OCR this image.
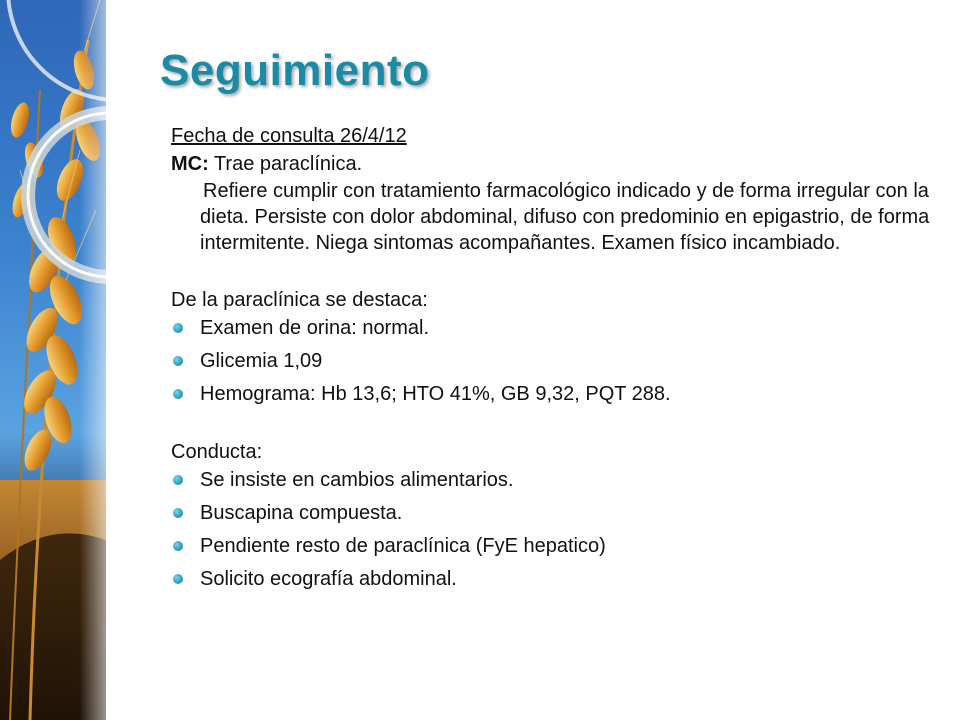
Seguimiento

Fecha de consulta 26/4/12

MC: Trae paraclínica.

Refiere cumplir con tratamiento farmacológico indicado y de forma irregular con la dieta. Persiste con dolor abdominal, difuso con predominio en epigastrio, de forma intermitente. Niega sintomas acompañantes. Examen físico incambiado.

De la paraclínica se destaca:

Examen de orina: normal.
Glicemia 1,09
Hemograma: Hb 13,6; HTO 41%, GB 9,32, PQT 288.

Conducta:

Se insiste en cambios alimentarios.
Buscapina compuesta.
Pendiente resto de paraclínica (FyE hepatico)
Solicito ecografía abdominal.
